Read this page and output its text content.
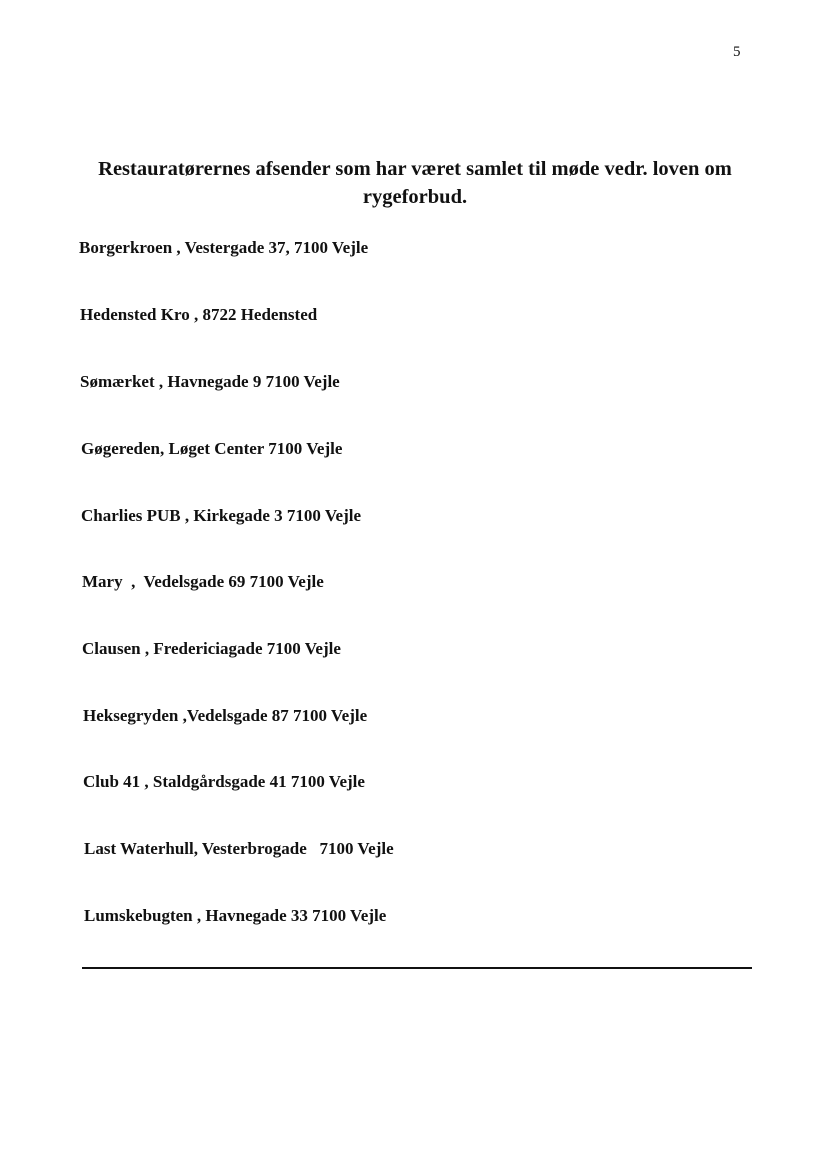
5
Restauratørernes afsender som har været samlet til møde vedr. loven om rygeforbud.
Borgerkroen , Vestergade 37, 7100 Vejle
Hedensted Kro , 8722 Hedensted
Sømærket , Havnegade 9 7100 Vejle
Gøgereden, Løget Center 7100 Vejle
Charlies PUB , Kirkegade 3 7100 Vejle
Mary  ,  Vedelsgade 69 7100 Vejle
Clausen , Fredericiagade 7100 Vejle
Heksegryden ,Vedelsgade 87 7100 Vejle
Club 41 , Staldgårdsgade 41 7100 Vejle
Last Waterhull, Vesterbrogade   7100 Vejle
Lumskebugten , Havnegade 33 7100 Vejle
